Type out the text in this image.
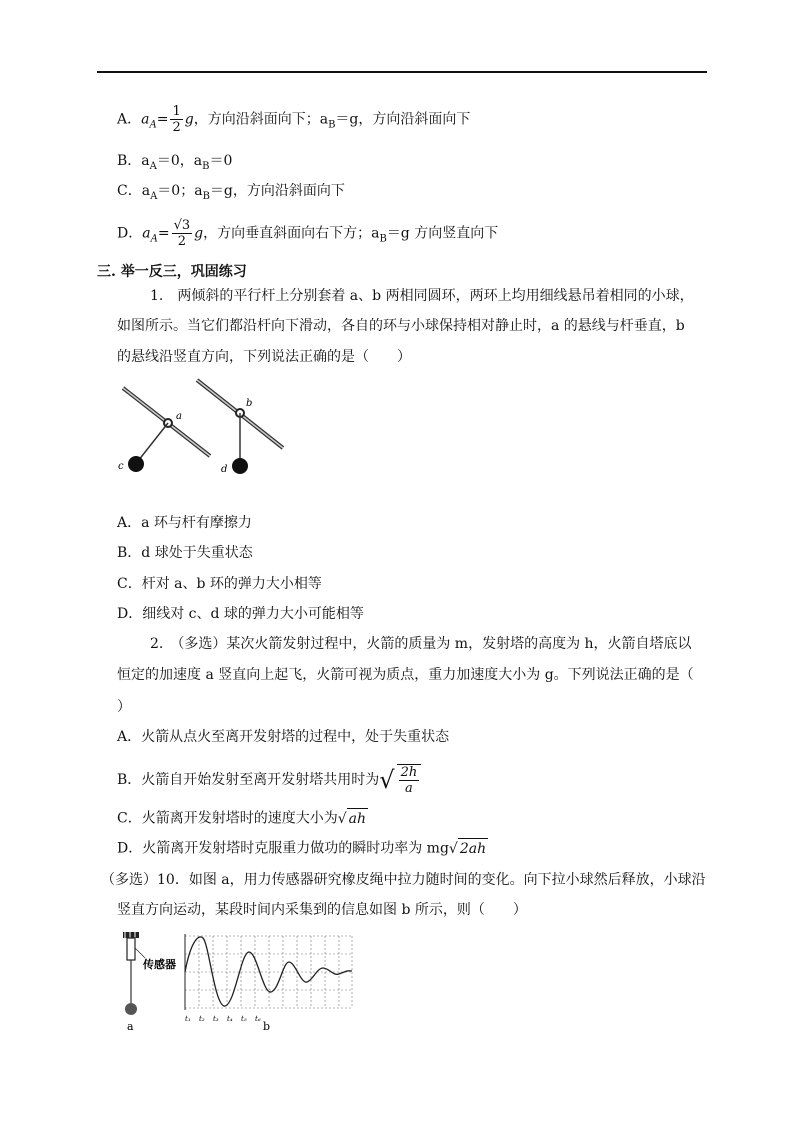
A．$a_A= \frac{1}{2}$ g，方向沿斜面向下；$a_B=g$，方向沿斜面向下
B．$a_A=0$，$a_B=0$
C．$a_A=0$；$a_B=g$，方向沿斜面向下
D．$a_A= \frac{√3}{2}$ g，方向垂直斜面向右下方；$a_B=g$ 方向竖直向下
三. 举一反三，巩固练习
1.　两倾斜的平行杆上分别套着 a、b 两相同圆环，两环上均用细线悬吊着相同的小球，
如图所示。当它们都沿杆向下滑动，各自的环与小球保持相对静止时，a 的悬线与杆垂直，b
的悬线沿竖直方向，下列说法正确的是（　　）
a
c
b
d
A．a 环与杆有摩擦力
B．d 球处于失重状态
C．杆对 a、b 环的弹力大小相等
D．细线对 c、d 球的弹力大小可能相等
2.　（多选）某次火箭发射过程中，火箭的质量为 m，发射塔的高度为 h，火箭自塔底以
恒定的加速度 a 竖直向上起飞，火箭可视为质点，重力加速度大小为 g。下列说法正确的是（
）
A．火箭从点火至离开发射塔的过程中，处于失重状态
B．火箭自开始发射至离开发射塔共用时为√ $\frac{2h}{a}$
C．火箭离开发射塔时的速度大小为√ ah
D．火箭离开发射塔时克服重力做功的瞬时功率为 mg√ 2ah
（多选）10．如图 a，用力传感器研究橡皮绳中拉力随时间的变化。向下拉小球然后释放，小球沿
竖直方向运动，某段时间内采集到的信息如图 b 所示，则（　　）
传感器
a
t₁ t₂ t₃ t₄ t₅ t₆
b
